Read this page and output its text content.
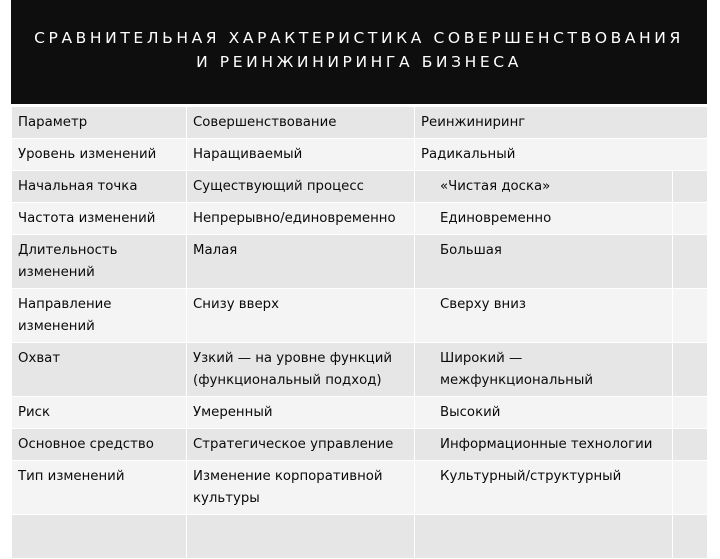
СРАВНИТЕЛЬНАЯ ХАРАКТЕРИСТИКА СОВЕРШЕНСТВОВАНИЯ
И РЕИНЖИНИРИНГА БИЗНЕСА
Параметр	Совершенствование	Реинжиниринг	
Уровень изменений	Наращиваемый	Радикальный	
Начальная точка	Существующий процесс	«Чистая доска»	
Частота изменений	Непрерывно/единовременно	Единовременно	
Длительность изменений	Малая	Большая	
Направление изменений	Снизу вверх	Сверху вниз	
Охват	Узкий — на уровне функций (функциональный подход)	Широкий — межфункциональный	
Риск	Умеренный	Высокий	
Основное средство	Стратегическое управление	Информационные технологии	
Тип изменений	Изменение корпоративной культуры	Культурный/структурный	
